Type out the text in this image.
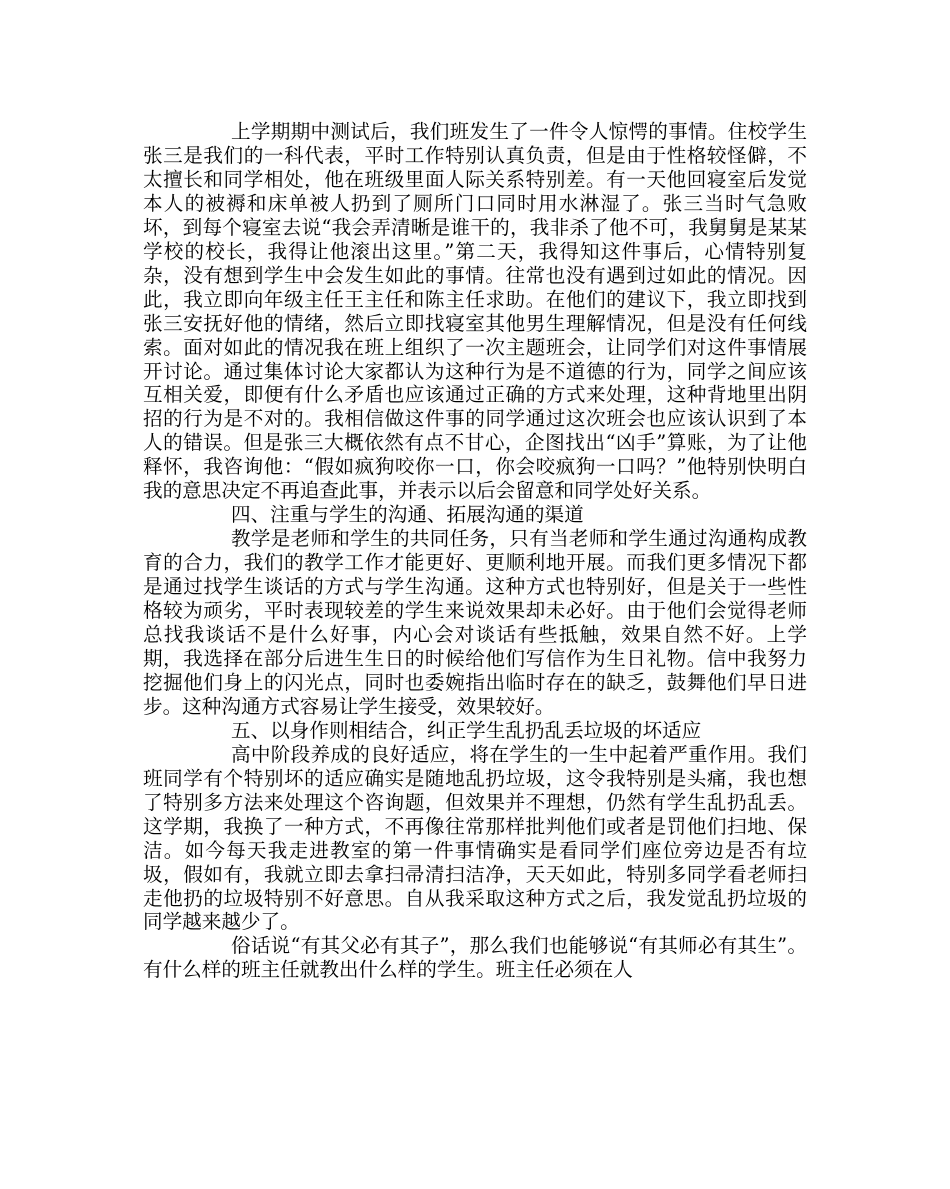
上学期期中测试后，我们班发生了一件令人惊愕的事情。住校学生张三是我们的一科代表，平时工作特别认真负责，但是由于性格较怪僻，不太擅长和同学相处，他在班级里面人际关系特别差。有一天他回寝室后发觉本人的被褥和床单被人扔到了厕所门口同时用水淋湿了。张三当时气急败坏，到每个寝室去说“我会弄清晰是谁干的，我非杀了他不可，我舅舅是某某学校的校长，我得让他滚出这里。”第二天，我得知这件事后，心情特别复杂，没有想到学生中会发生如此的事情。往常也没有遇到过如此的情况。因此，我立即向年级主任王主任和陈主任求助。在他们的建议下，我立即找到张三安抚好他的情绪，然后立即找寝室其他男生理解情况，但是没有任何线索。面对如此的情况我在班上组织了一次主题班会，让同学们对这件事情展开讨论。通过集体讨论大家都认为这种行为是不道德的行为，同学之间应该互相关爱，即便有什么矛盾也应该通过正确的方式来处理，这种背地里出阴招的行为是不对的。我相信做这件事的同学通过这次班会也应该认识到了本人的错误。但是张三大概依然有点不甘心，企图找出“凶手”算账，为了让他释怀，我咨询他：“假如疯狗咬你一口，你会咬疯狗一口吗？”他特别快明白我的意思决定不再追查此事，并表示以后会留意和同学处好关系。

四、注重与学生的沟通、拓展沟通的渠道

教学是老师和学生的共同任务，只有当老师和学生通过沟通构成教育的合力，我们的教学工作才能更好、更顺利地开展。而我们更多情况下都是通过找学生谈话的方式与学生沟通。这种方式也特别好，但是关于一些性格较为顽劣，平时表现较差的学生来说效果却未必好。由于他们会觉得老师总找我谈话不是什么好事，内心会对谈话有些抵触，效果自然不好。上学期，我选择在部分后进生生日的时候给他们写信作为生日礼物。信中我努力挖掘他们身上的闪光点，同时也委婉指出临时存在的缺乏，鼓舞他们早日进步。这种沟通方式容易让学生接受，效果较好。

五、以身作则相结合，纠正学生乱扔乱丢垃圾的坏适应

高中阶段养成的良好适应，将在学生的一生中起着严重作用。我们班同学有个特别坏的适应确实是随地乱扔垃圾，这令我特别是头痛，我也想了特别多方法来处理这个咨询题，但效果并不理想，仍然有学生乱扔乱丢。这学期，我换了一种方式，不再像往常那样批判他们或者是罚他们扫地、保洁。如今每天我走进教室的第一件事情确实是看同学们座位旁边是否有垃圾，假如有，我就立即去拿扫帚清扫洁净，天天如此，特别多同学看老师扫走他扔的垃圾特别不好意思。自从我采取这种方式之后，我发觉乱扔垃圾的同学越来越少了。

俗话说“有其父必有其子”，那么我们也能够说“有其师必有其生”。有什么样的班主任就教出什么样的学生。班主任必须在人
